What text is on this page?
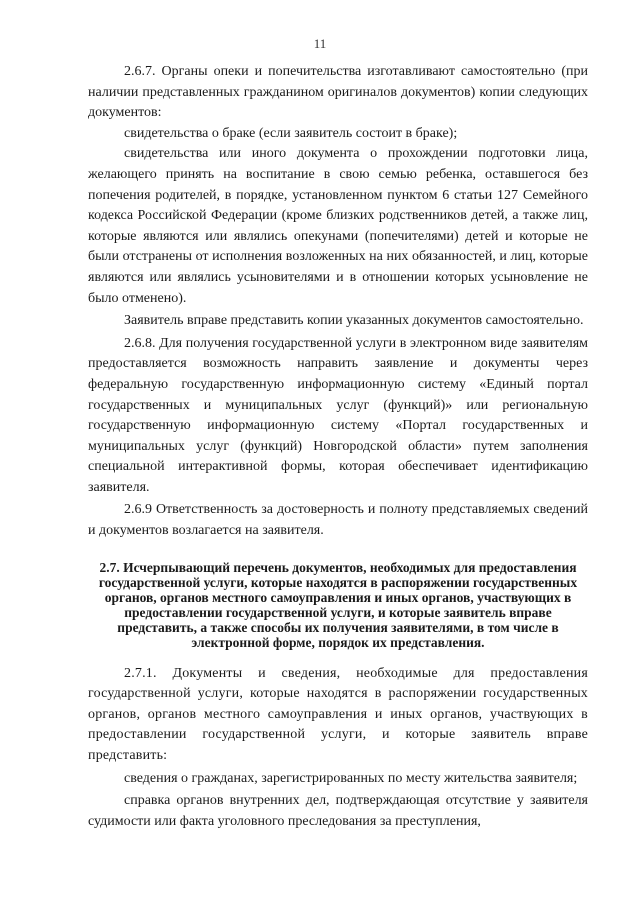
11

2.6.7. Органы опеки и попечительства изготавливают самостоятельно (при наличии представленных гражданином оригиналов документов) копии следующих документов:

свидетельства о браке (если заявитель состоит в браке);

свидетельства или иного документа о прохождении подготовки лица, желающего принять на воспитание в свою семью ребенка, оставшегося без попечения родителей, в порядке, установленном пунктом 6 статьи 127 Семейного кодекса Российской Федерации (кроме близких родственников детей, а также лиц, которые являются или являлись опекунами (попечителями) детей и которые не были отстранены от исполнения возложенных на них обязанностей, и лиц, которые являются или являлись усыновителями и в отношении которых усыновление не было отменено).

Заявитель вправе представить копии указанных документов самостоятельно.

2.6.8. Для получения государственной услуги в электронном виде заявителям предоставляется возможность направить заявление и документы через федеральную государственную информационную систему «Единый портал государственных и муниципальных услуг (функций)» или региональную государственную информационную систему «Портал государственных и муниципальных услуг (функций) Новгородской области» путем заполнения специальной интерактивной формы, которая обеспечивает идентификацию заявителя.

2.6.9 Ответственность за достоверность и полноту представляемых сведений и документов возлагается на заявителя.

2.7. Исчерпывающий перечень документов, необходимых для предоставления государственной услуги, которые находятся в распоряжении государственных органов, органов местного самоуправления и иных органов, участвующих в предоставлении государственной услуги, и которые заявитель вправе представить, а также способы их получения заявителями, в том числе в электронной форме, порядок их представления.

2.7.1. Документы и сведения, необходимые для предоставления государственной услуги, которые находятся в распоряжении государственных органов, органов местного самоуправления и иных органов, участвующих в предоставлении государственной услуги, и которые заявитель вправе представить:

сведения о гражданах, зарегистрированных по месту жительства заявителя;

справка органов внутренних дел, подтверждающая отсутствие у заявителя судимости или факта уголовного преследования за преступления,
